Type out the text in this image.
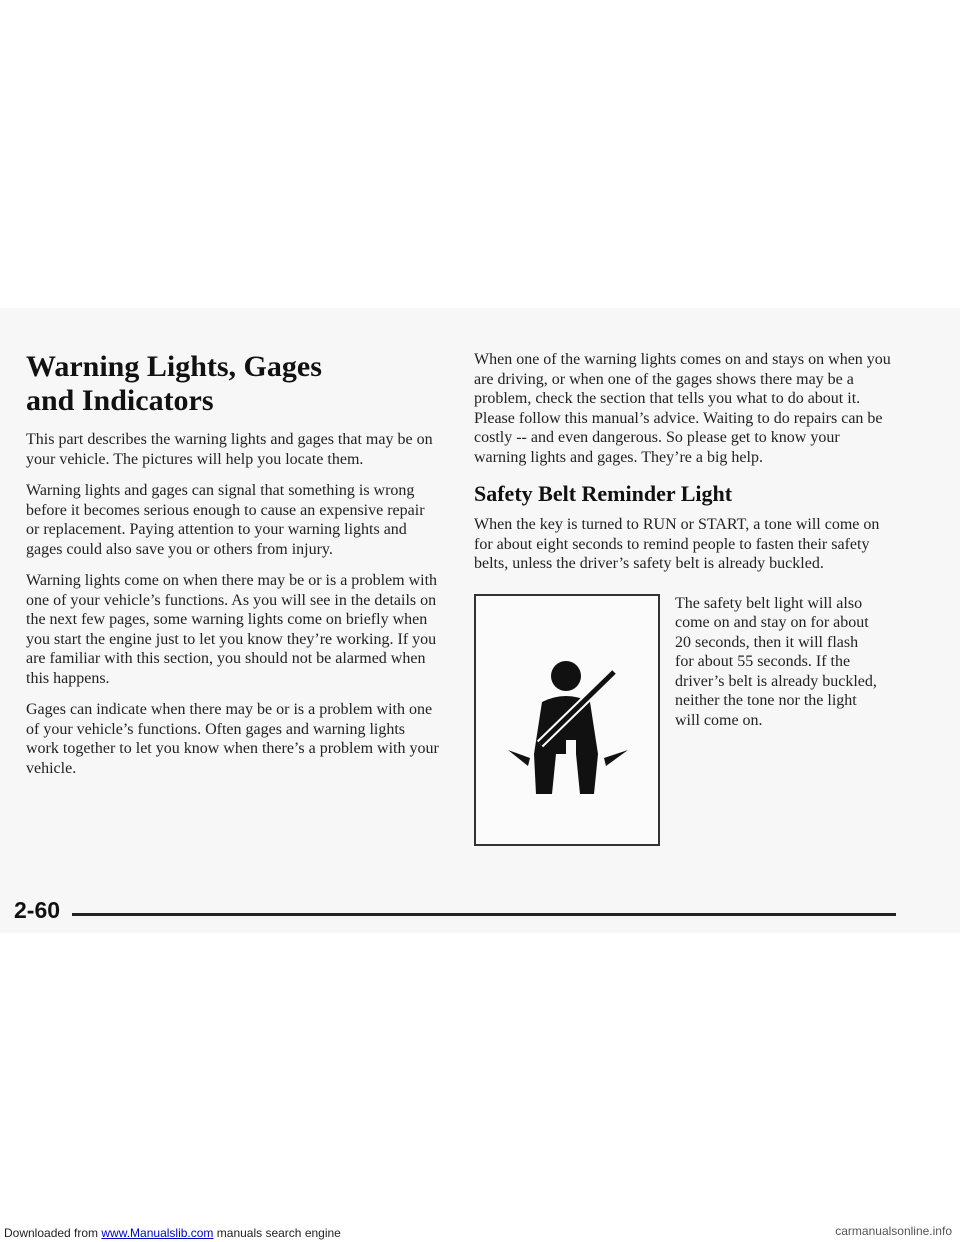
Warning Lights, Gages
and Indicators

This part describes the warning lights and gages that may be on your vehicle. The pictures will help you locate them.

Warning lights and gages can signal that something is wrong before it becomes serious enough to cause an expensive repair or replacement. Paying attention to your warning lights and gages could also save you or others from injury.

Warning lights come on when there may be or is a problem with one of your vehicle’s functions. As you will see in the details on the next few pages, some warning lights come on briefly when you start the engine just to let you know they’re working. If you are familiar with this section, you should not be alarmed when this happens.

Gages can indicate when there may be or is a problem with one of your vehicle’s functions. Often gages and warning lights work together to let you know when there’s a problem with your vehicle.

When one of the warning lights comes on and stays on when you are driving, or when one of the gages shows there may be a problem, check the section that tells you what to do about it. Please follow this manual’s advice. Waiting to do repairs can be costly -- and even dangerous. So please get to know your warning lights and gages. They’re a big help.

Safety Belt Reminder Light

When the key is turned to RUN or START, a tone will come on for about eight seconds to remind people to fasten their safety belts, unless the driver’s safety belt is already buckled.

The safety belt light will also come on and stay on for about 20 seconds, then it will flash for about 55 seconds. If the driver’s belt is already buckled, neither the tone nor the light will come on.

2-60
Downloaded from www.Manualslib.com manuals search engine	carmanualsonline.info
